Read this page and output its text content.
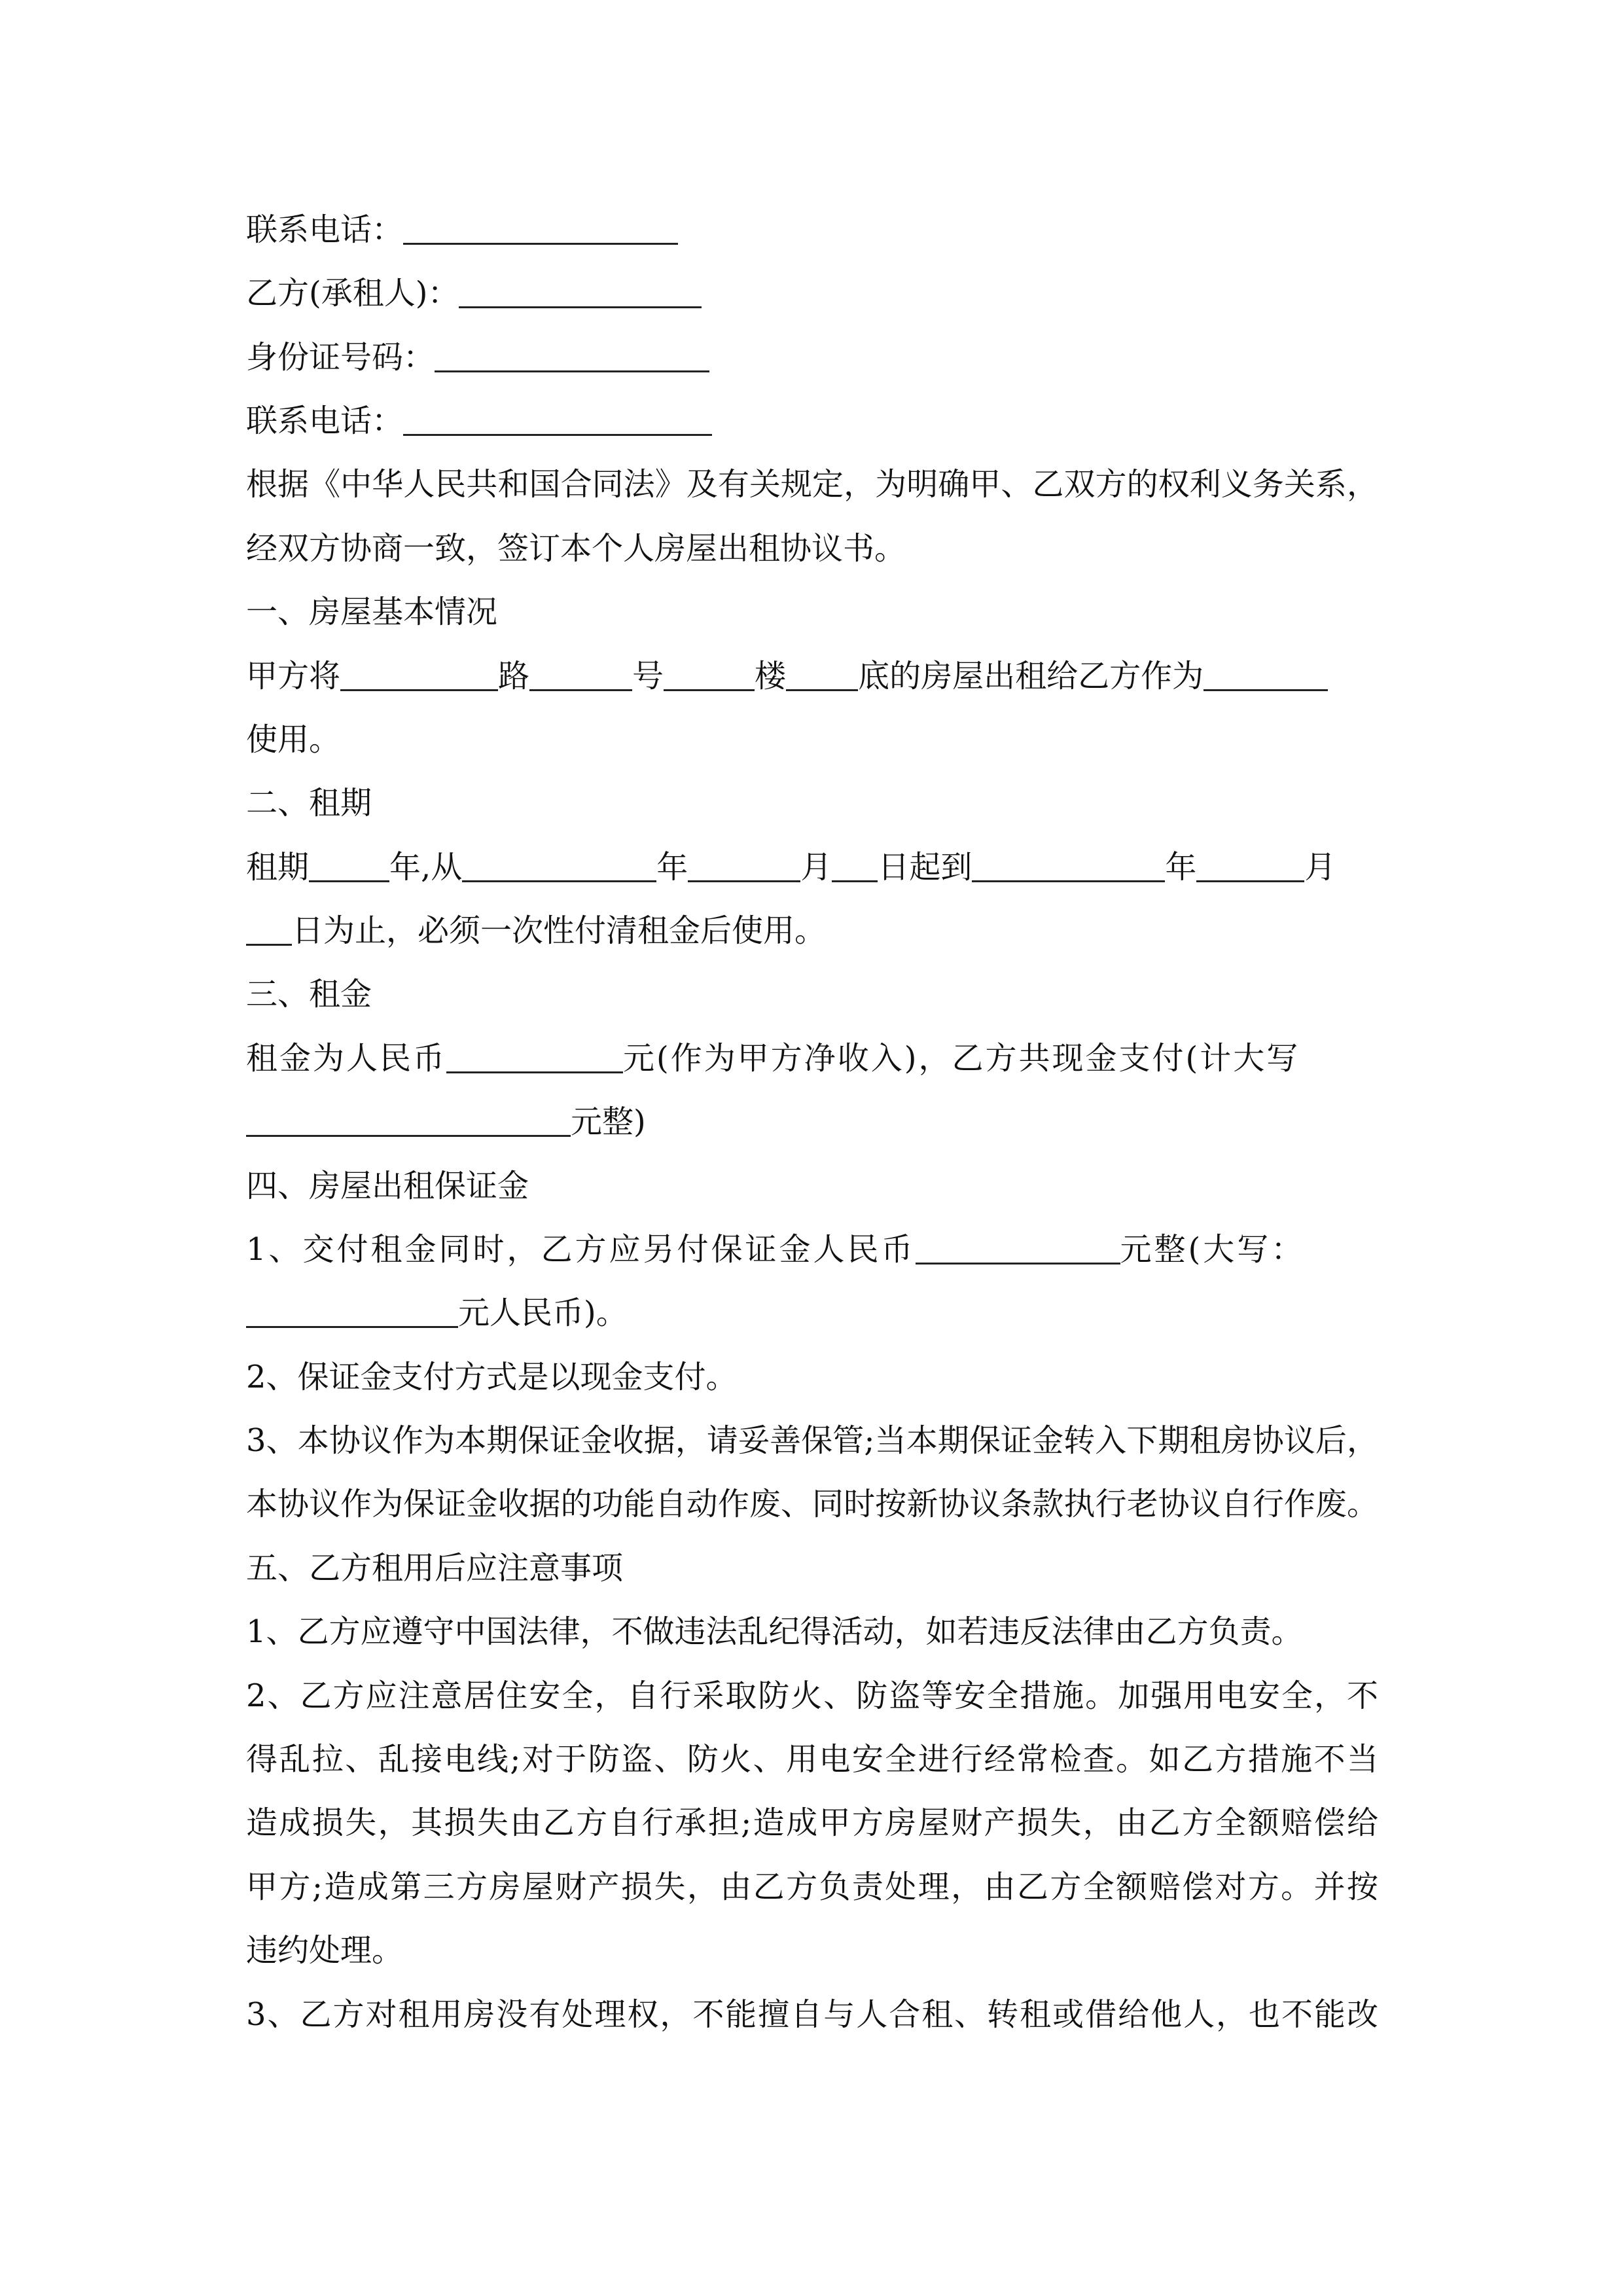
联系电话：
乙方(承租人)：
身份证号码：
联系电话：
根据《中华人民共和国合同法》及有关规定，为明确甲、乙双方的权利义务关系，
经双方协商一致，签订本个人房屋出租协议书。
一、房屋基本情况
甲方将	路	号	楼 底的房屋出租给乙方作为
使用。
二、租期
租期	年,从	年	月 日起到	年	月
日为止，必须一次性付清租金后使用。
三、租金
租金为人民币	元(作为甲方净收入)，乙方共现金支付(计大写
元整)
四、房屋出租保证金
1、交付租金同时，乙方应另付保证金人民币	元整(大写：
元人民币)。
2、保证金支付方式是以现金支付。
3、本协议作为本期保证金收据，请妥善保管;当本期保证金转入下期租房协议后，
本协议作为保证金收据的功能自动作废、同时按新协议条款执行老协议自行作废。
五、乙方租用后应注意事项
1、乙方应遵守中国法律，不做违法乱纪得活动，如若违反法律由乙方负责。
2、乙方应注意居住安全，自行采取防火、防盗等安全措施。加强用电安全，不
得乱拉、乱接电线;对于防盗、防火、用电安全进行经常检查。如乙方措施不当
造成损失，其损失由乙方自行承担;造成甲方房屋财产损失，由乙方全额赔偿给
甲方;造成第三方房屋财产损失，由乙方负责处理，由乙方全额赔偿对方。并按
违约处理。
3、乙方对租用房没有处理权，不能擅自与人合租、转租或借给他人，也不能改
